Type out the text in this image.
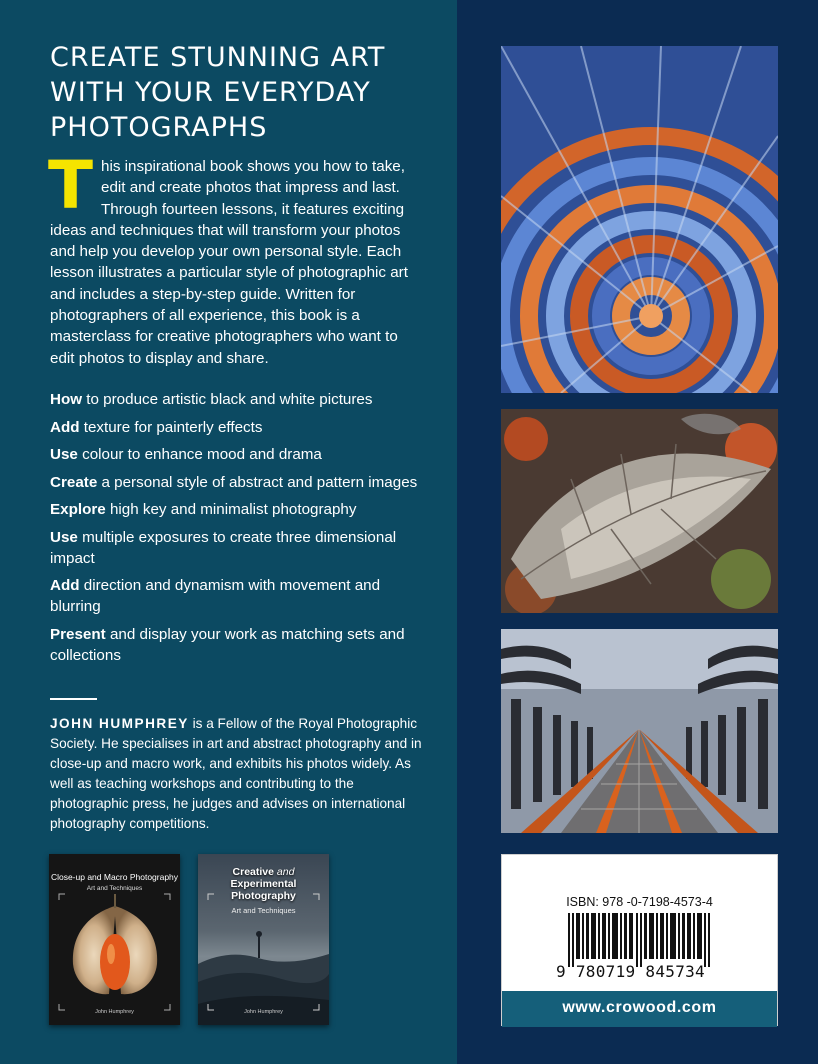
CREATE STUNNING ART WITH YOUR EVERYDAY PHOTOGRAPHS

This inspirational book shows you how to take, edit and create photos that impress and last. Through fourteen lessons, it features exciting ideas and techniques that will transform your photos and help you develop your own personal style. Each lesson illustrates a particular style of photographic art and includes a step-by-step guide. Written for photographers of all experience, this book is a masterclass for creative photographers who want to edit photos to display and share.

How to produce artistic black and white pictures
Add texture for painterly effects
Use colour to enhance mood and drama
Create a personal style of abstract and pattern images
Explore high key and minimalist photography
Use multiple exposures to create three dimensional impact
Add direction and dynamism with movement and blurring
Present and display your work as matching sets and collections

JOHN HUMPHREY is a Fellow of the Royal Photographic Society. He specialises in art and abstract photography and in close-up and macro work, and exhibits his photos widely. As well as teaching workshops and contributing to the photographic press, he judges and advises on international photography competitions.

Close-up and Macro Photography
Art and Techniques
John Humphrey
Creative and
Experimental Photography
Art and Techniques
John Humphrey
ISBN: 978 -0-7198-4573-4
9 780719 845734
www.crowood.com
